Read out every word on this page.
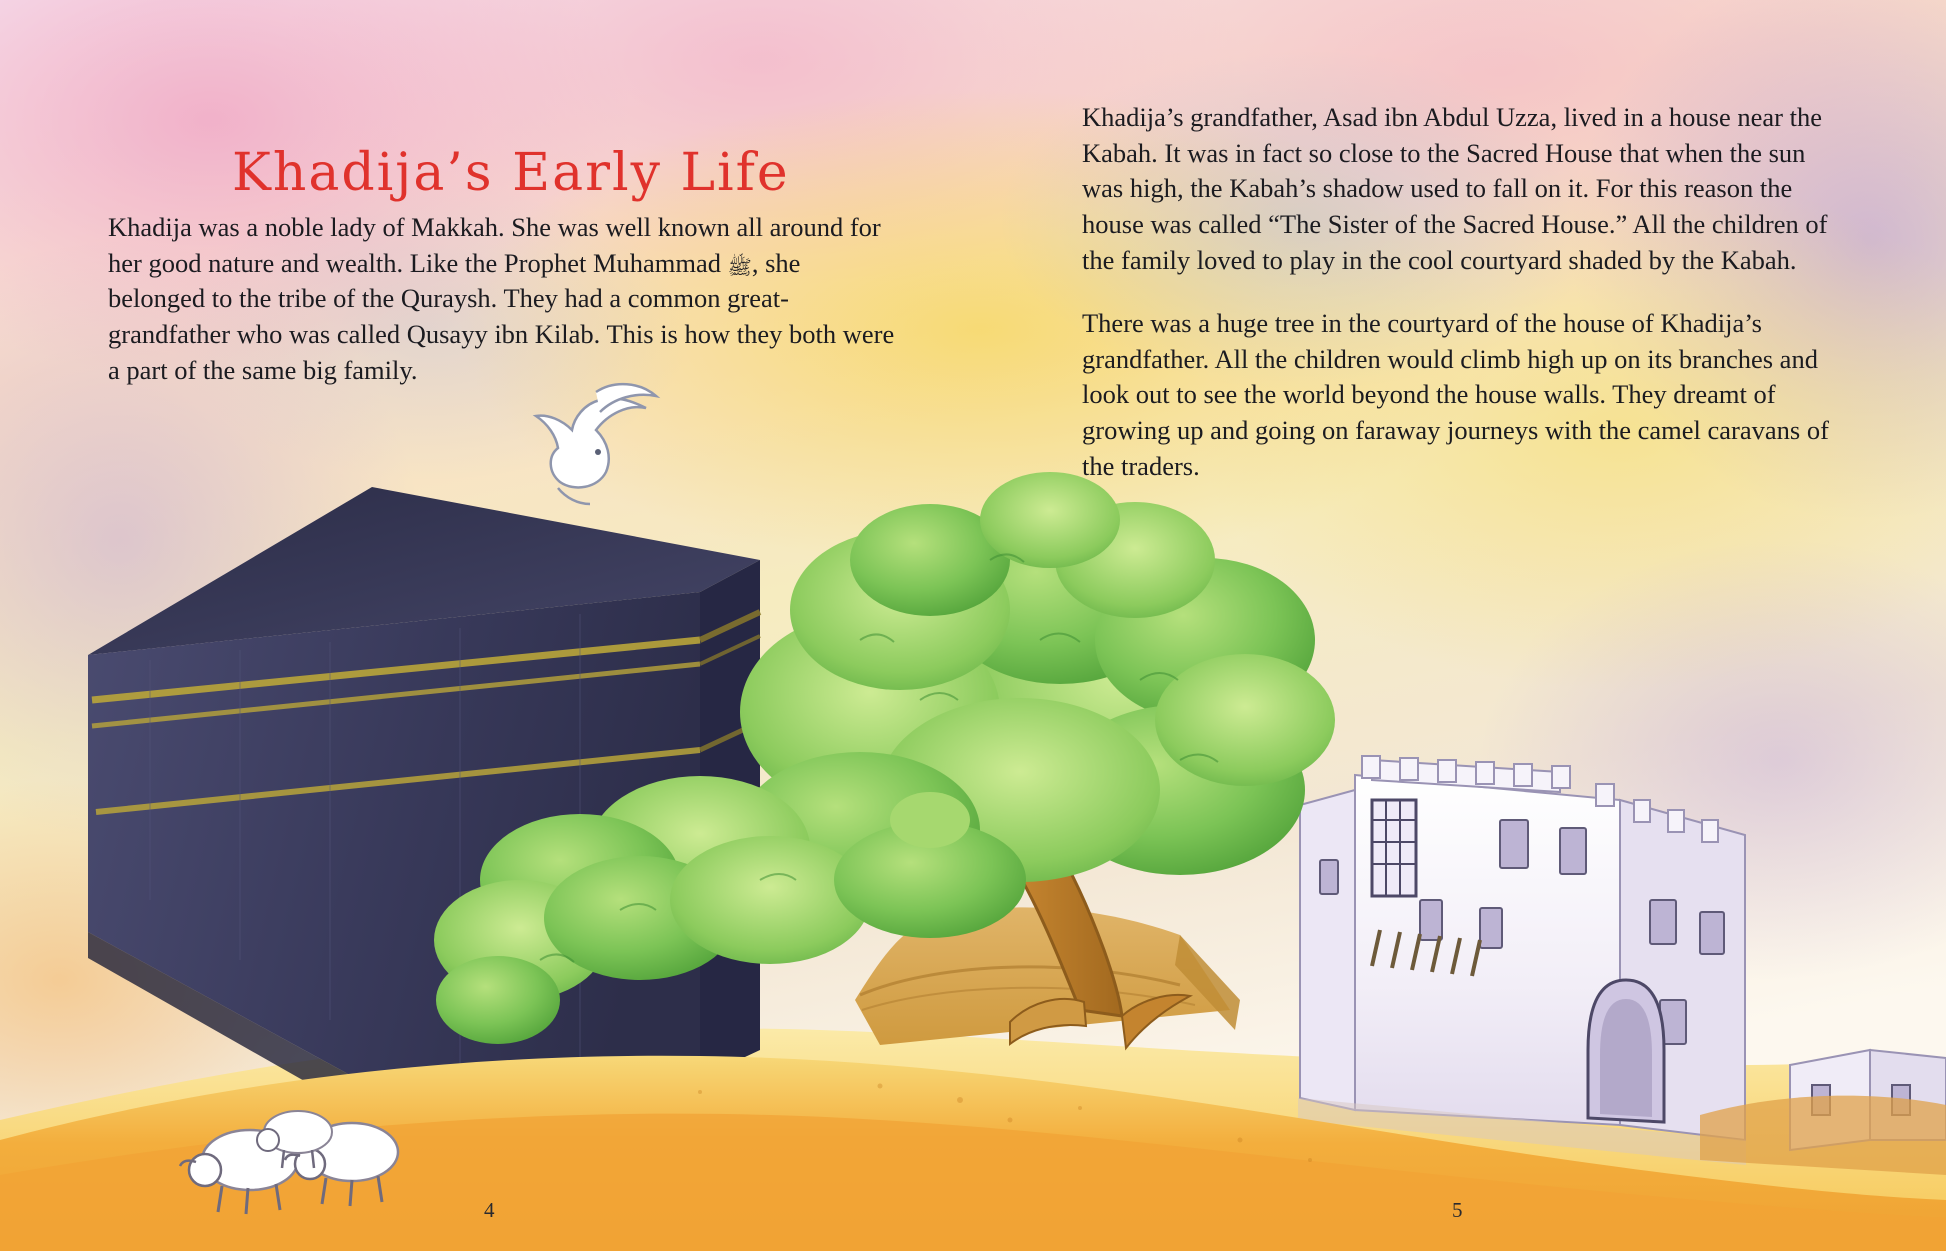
Khadija’s Early Life

Khadija was a noble lady of Makkah. She was well known all around for her good nature and wealth. Like the Prophet Muhammad ﷺ, she belonged to the tribe of the Quraysh. They had a common great-grandfather who was called Qusayy ibn Kilab. This is how they both were a part of the same big family.

Khadija’s grandfather, Asad ibn Abdul Uzza, lived in a house near the Kabah. It was in fact so close to the Sacred House that when the sun was high, the Kabah’s shadow used to fall on it. For this reason the house was called “The Sister of the Sacred House.” All the children of the family loved to play in the cool courtyard shaded by the Kabah.

There was a huge tree in the courtyard of the house of Khadija’s grandfather. All the children would climb high up on its branches and look out to see the world beyond the house walls. They dreamt of growing up and going on faraway journeys with the camel caravans of the traders.

4	5
